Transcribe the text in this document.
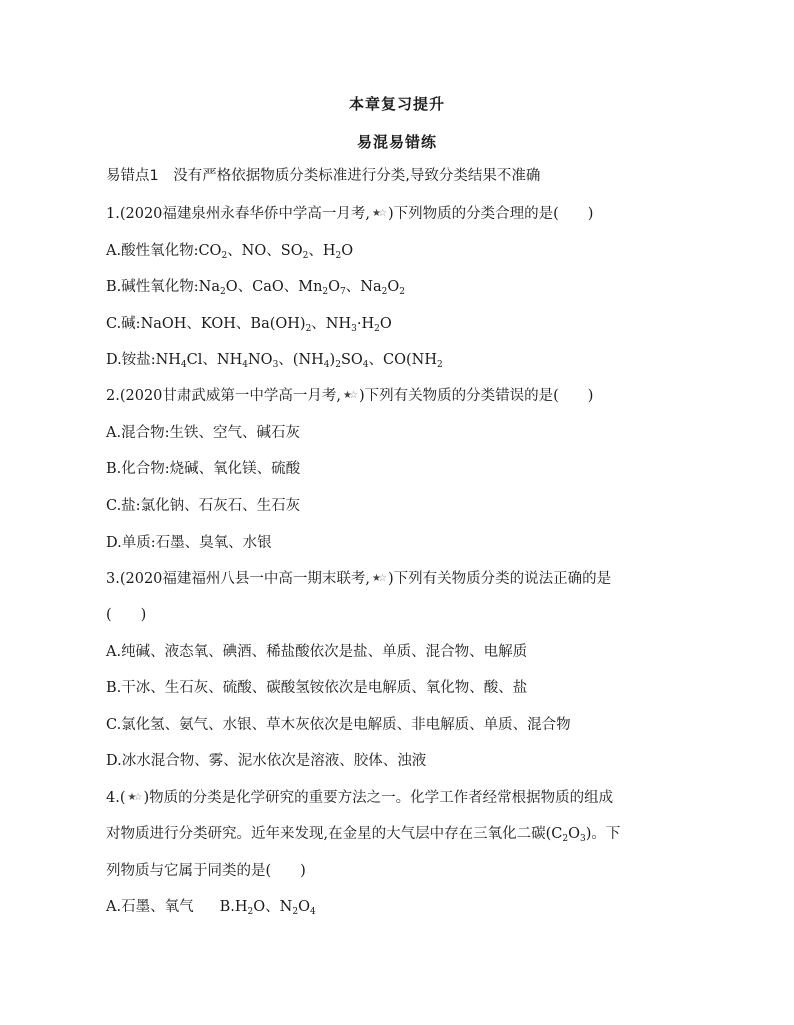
本章复习提升
易混易错练
易错点1　没有严格依据物质分类标准进行分类,导致分类结果不准确
1.(2020福建泉州永春华侨中学高一月考, ★☆ )下列物质的分类合理的是(　　)
A.酸性氧化物$:CO_2$、NO、$SO_2$、$H_2O$
B.碱性氧化物$:Na_2O$、CaO、$Mn_2O_7$、$Na_2O_2$
C.碱:NaOH、KOH、$Ba(OH)_2$、$NH_3\cdot H_2O$
D.铵盐$:NH_4Cl$、$NH_4NO_3$、$(NH_4)_2SO_4$、$CO(NH_2$
2.(2020甘肃武威第一中学高一月考, ★☆ )下列有关物质的分类错误的是(　　)
A.混合物:生铁、空气、碱石灰
B.化合物:烧碱、氧化镁、硫酸
C.盐:氯化钠、石灰石、生石灰
D.单质:石墨、臭氧、水银
3.(2020福建福州八县一中高一期末联考, ★☆ )下列有关物质分类的说法正确的是
(　　)
A.纯碱、液态氧、碘酒、稀盐酸依次是盐、单质、混合物、电解质
B.干冰、生石灰、硫酸、碳酸氢铵依次是电解质、氧化物、酸、盐
C.氯化氢、氨气、水银、草木灰依次是电解质、非电解质、单质、混合物
D.冰水混合物、雾、泥水依次是溶液、胶体、浊液
4.( ★☆ )物质的分类是化学研究的重要方法之一。化学工作者经常根据物质的组成
对物质进行分类研究。近年来发现,在金星的大气层中存在三氧化二碳$(C_2O_3)$。下
列物质与它属于同类的是(　　)
A.石墨、氧气 $B.H_2O$、$N_2O_4$
